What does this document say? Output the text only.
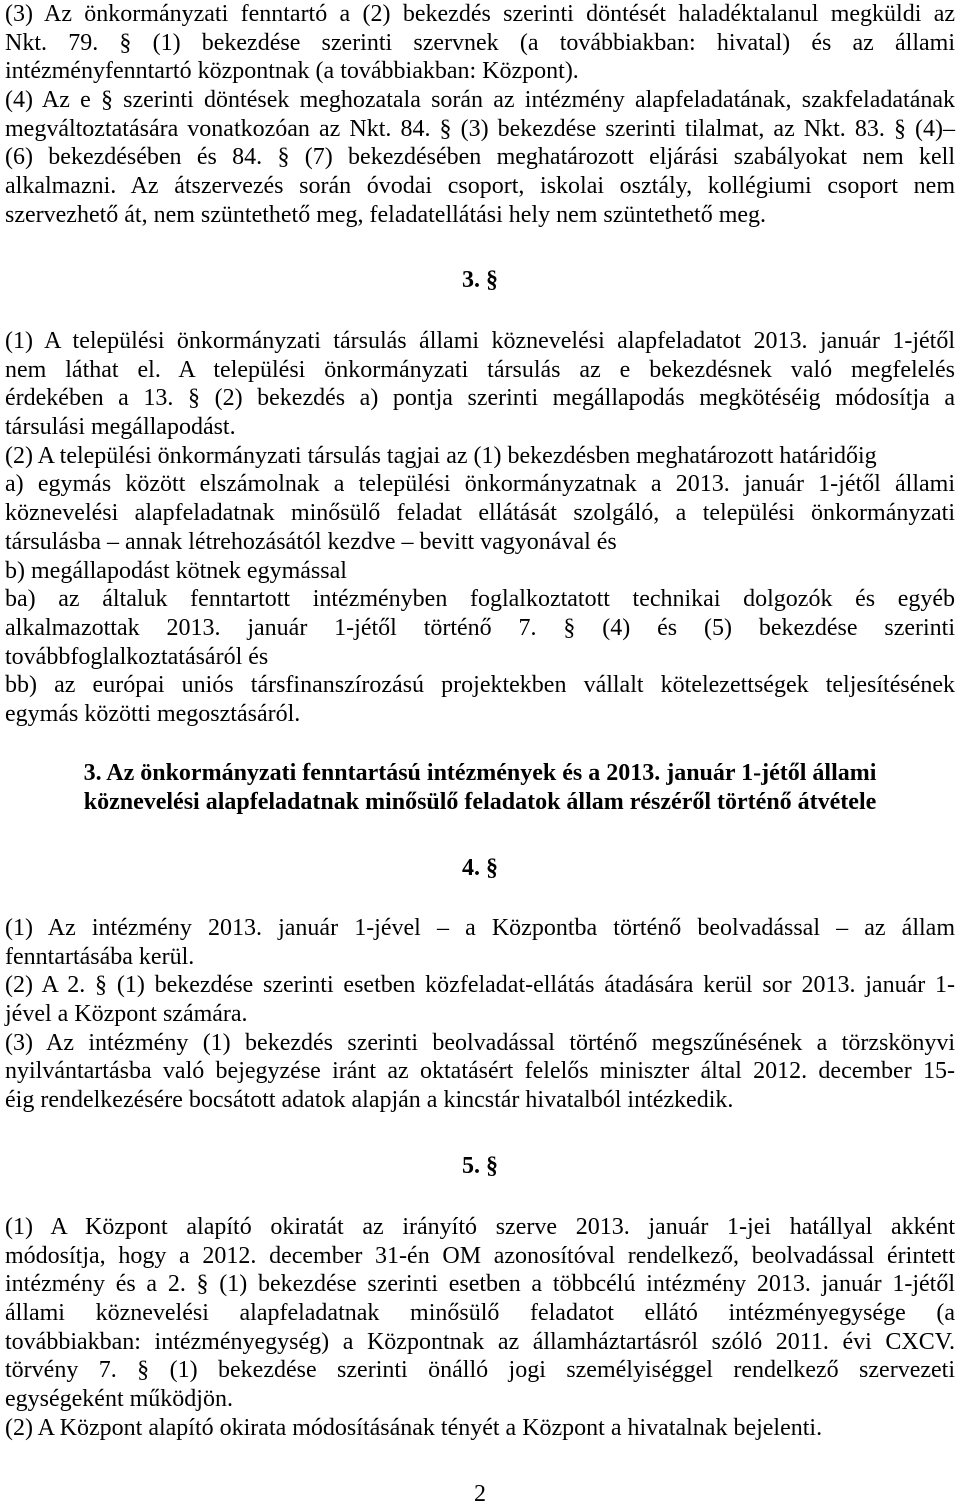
(3) Az önkormányzati fenntartó a (2) bekezdés szerinti döntését haladéktalanul megküldi az
Nkt. 79. § (1) bekezdése szerinti szervnek (a továbbiakban: hivatal) és az állami
intézményfenntartó központnak (a továbbiakban: Központ).
(4) Az e § szerinti döntések meghozatala során az intézmény alapfeladatának, szakfeladatának
megváltoztatására vonatkozóan az Nkt. 84. § (3) bekezdése szerinti tilalmat, az Nkt. 83. § (4)–
(6) bekezdésében és 84. § (7) bekezdésében meghatározott eljárási szabályokat nem kell
alkalmazni. Az átszervezés során óvodai csoport, iskolai osztály, kollégiumi csoport nem
szervezhető át, nem szüntethető meg, feladatellátási hely nem szüntethető meg.
3. §
(1) A települési önkormányzati társulás állami köznevelési alapfeladatot 2013. január 1-jétől
nem láthat el. A települési önkormányzati társulás az e bekezdésnek való megfelelés
érdekében a 13. § (2) bekezdés a) pontja szerinti megállapodás megkötéséig módosítja a
társulási megállapodást.
(2) A települési önkormányzati társulás tagjai az (1) bekezdésben meghatározott határidőig
a) egymás között elszámolnak a települési önkormányzatnak a 2013. január 1-jétől állami
köznevelési alapfeladatnak minősülő feladat ellátását szolgáló, a települési önkormányzati
társulásba – annak létrehozásától kezdve – bevitt vagyonával és
b) megállapodást kötnek egymással
ba) az általuk fenntartott intézményben foglalkoztatott technikai dolgozók és egyéb
alkalmazottak 2013. január 1-jétől történő 7. § (4) és (5) bekezdése szerinti
továbbfoglalkoztatásáról és
bb) az európai uniós társfinanszírozású projektekben vállalt kötelezettségek teljesítésének
egymás közötti megosztásáról.
3. Az önkormányzati fenntartású intézmények és a 2013. január 1-jétől állami
köznevelési alapfeladatnak minősülő feladatok állam részéről történő átvétele
4. §
(1) Az intézmény 2013. január 1-jével – a Központba történő beolvadással – az állam
fenntartásába kerül.
(2) A 2. § (1) bekezdése szerinti esetben közfeladat-ellátás átadására kerül sor 2013. január 1-
jével a Központ számára.
(3) Az intézmény (1) bekezdés szerinti beolvadással történő megszűnésének a törzskönyvi
nyilvántartásba való bejegyzése iránt az oktatásért felelős miniszter által 2012. december 15-
éig rendelkezésére bocsátott adatok alapján a kincstár hivatalból intézkedik.
5. §
(1) A Központ alapító okiratát az irányító szerve 2013. január 1-jei hatállyal akként
módosítja, hogy a 2012. december 31-én OM azonosítóval rendelkező, beolvadással érintett
intézmény és a 2. § (1) bekezdése szerinti esetben a többcélú intézmény 2013. január 1-jétől
állami köznevelési alapfeladatnak minősülő feladatot ellátó intézményegysége (a
továbbiakban: intézményegység) a Központnak az államháztartásról szóló 2011. évi CXCV.
törvény 7. § (1) bekezdése szerinti önálló jogi személyiséggel rendelkező szervezeti
egységeként működjön.
(2) A Központ alapító okirata módosításának tényét a Központ a hivatalnak bejelenti.
2
